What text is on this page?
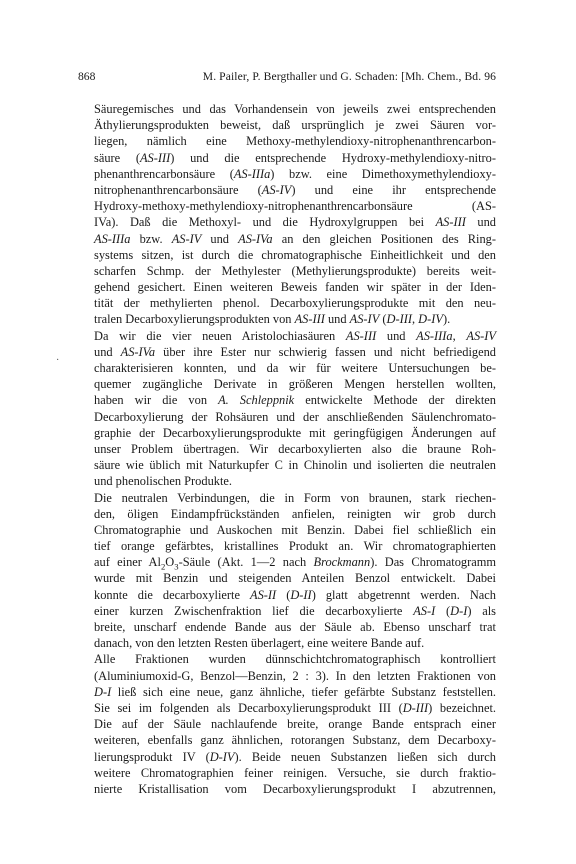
868	M. Pailer, P. Bergthaller und G. Schaden: [Mh. Chem., Bd. 96
·
Säuregemisches und das Vorhandensein von jeweils zwei entsprechenden
Äthylierungsprodukten beweist, daß ursprünglich je zwei Säuren vor-
liegen, nämlich eine Methoxy-methylendioxy-nitrophenanthrencarbon-
säure (AS-III) und die entsprechende Hydroxy-methylendioxy-nitro-
phenanthrencarbonsäure (AS-IIIa) bzw. eine Dimethoxymethylendioxy-
nitrophenanthrencarbonsäure (AS-IV) und eine ihr entsprechende
Hydroxy-methoxy-methylendioxy-nitrophenanthrencarbonsäure (AS-
IVa). Daß die Methoxyl- und die Hydroxylgruppen bei AS-III und
AS-IIIa bzw. AS-IV und AS-IVa an den gleichen Positionen des Ring-
systems sitzen, ist durch die chromatographische Einheitlichkeit und den
scharfen Schmp. der Methylester (Methylierungsprodukte) bereits weit-
gehend gesichert. Einen weiteren Beweis fanden wir später in der Iden-
tität der methylierten phenol. Decarboxylierungsprodukte mit den neu-
tralen Decarboxylierungsprodukten von AS-III und AS-IV (D-III, D-IV).
Da wir die vier neuen Aristolochiasäuren AS-III und AS-IIIa, AS-IV
und AS-IVa über ihre Ester nur schwierig fassen und nicht befriedigend
charakterisieren konnten, und da wir für weitere Untersuchungen be-
quemer zugängliche Derivate in größeren Mengen herstellen wollten,
haben wir die von A. Schleppnik entwickelte Methode der direkten
Decarboxylierung der Rohsäuren und der anschließenden Säulenchromato-
graphie der Decarboxylierungsprodukte mit geringfügigen Änderungen auf
unser Problem übertragen. Wir decarboxylierten also die braune Roh-
säure wie üblich mit Naturkupfer C in Chinolin und isolierten die neutralen
und phenolischen Produkte.
Die neutralen Verbindungen, die in Form von braunen, stark riechen-
den, öligen Eindampfrückständen anfielen, reinigten wir grob durch
Chromatographie und Auskochen mit Benzin. Dabei fiel schließlich ein
tief orange gefärbtes, kristallines Produkt an. Wir chromatographierten
auf einer $Al_2O_3$-Säule (Akt. 1—2 nach Brockmann). Das Chromatogramm
wurde mit Benzin und steigenden Anteilen Benzol entwickelt. Dabei
konnte die decarboxylierte AS-II (D-II) glatt abgetrennt werden. Nach
einer kurzen Zwischenfraktion lief die decarboxylierte AS-I (D-I) als
breite, unscharf endende Bande aus der Säule ab. Ebenso unscharf trat
danach, von den letzten Resten überlagert, eine weitere Bande auf.
Alle Fraktionen wurden dünnschichtchromatographisch kontrolliert
(Aluminiumoxid-G, Benzol—Benzin, 2 : 3). In den letzten Fraktionen von
D-I ließ sich eine neue, ganz ähnliche, tiefer gefärbte Substanz feststellen.
Sie sei im folgenden als Decarboxylierungsprodukt III (D-III) bezeichnet.
Die auf der Säule nachlaufende breite, orange Bande entsprach einer
weiteren, ebenfalls ganz ähnlichen, rotorangen Substanz, dem Decarboxy-
lierungsprodukt IV (D-IV). Beide neuen Substanzen ließen sich durch
weitere Chromatographien feiner reinigen. Versuche, sie durch fraktio-
nierte Kristallisation vom Decarboxylierungsprodukt I abzutrennen,
